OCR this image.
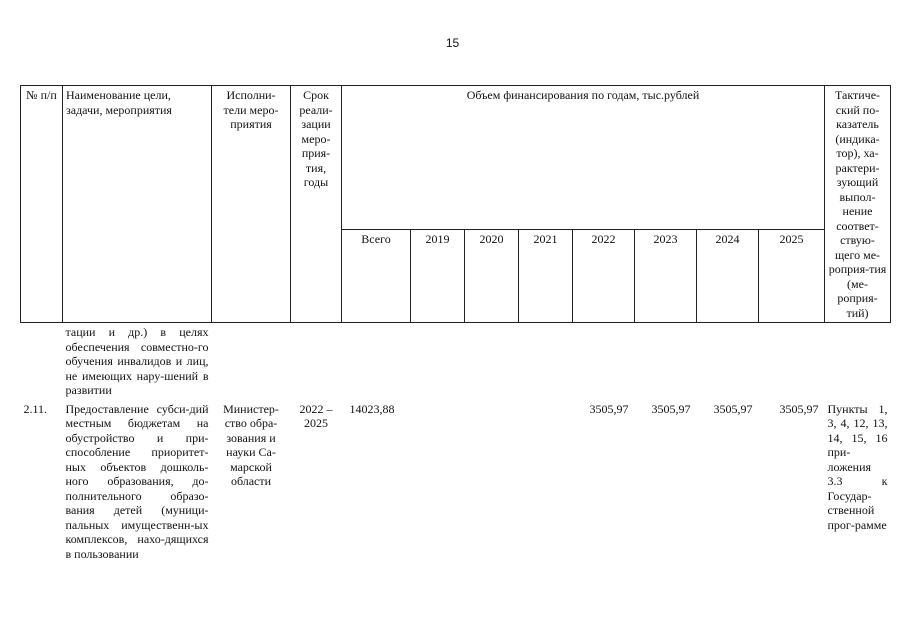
15
№ п/п	Наименование цели, задачи, мероприятия	Исполни-тели меро-приятия	Срок реали-зации меро-прия-тия, годы	Объем финансирования по годам, тыс.рублей								Тактиче-ский по-казатель (индика-тор), ха-рактери-зующий выпол-нение соответ-ствую-щего ме-роприя-тия (ме-роприя-тий)
				Всего	2019	2020	2021	2022	2023	2024	2025	
	тации и др.) в целях обеспечения совместно-го обучения инвалидов и лиц, не имеющих нару-шений в развитии											
2.11.	Предоставление субси-дий местным бюджетам на обустройство и при-способление приоритет-ных объектов дошколь-ного образования, до-полнительного образо-вания детей (муници-пальных имущественн-ых комплексов, нахо-дящихся в пользовании	Министер-ство обра-зования и науки Са-марской области	2022 – 2025	14023,88				3505,97	3505,97	3505,97	3505,97	Пункты 1, 3, 4, 12, 13, 14, 15, 16 при-ложения 3.3 к Государ-ственной прог-рамме
